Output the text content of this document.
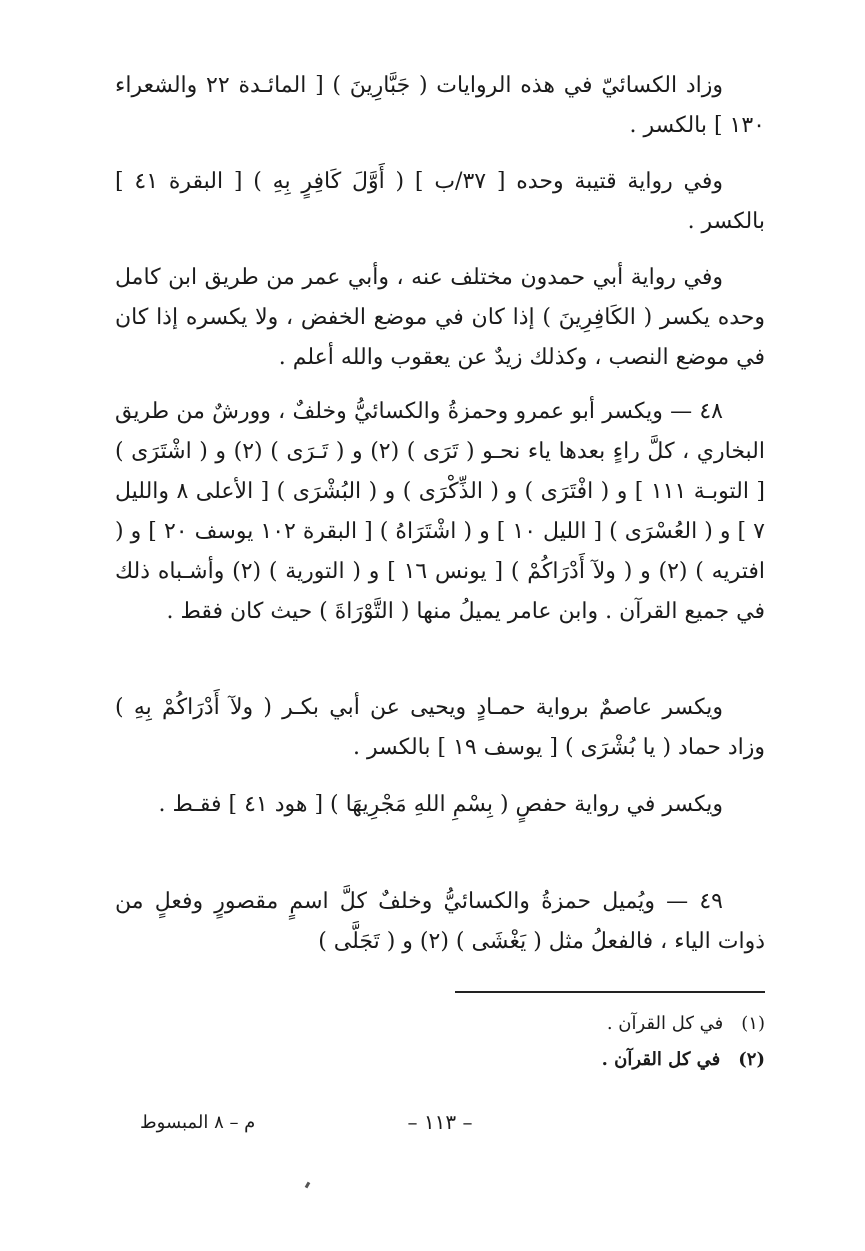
وزاد الكسائيّ في هذه الروايات ( جَبَّارِينَ ) [ المائـدة ٢٢ والشعراء ١٣٠ ] بالكسر .

وفي رواية قتيبة وحده [ ٣٧/ب ] ( أَوَّلَ كَافِرٍ بِهِ ) [ البقرة ٤١ ] بالكسر .

وفي رواية أبي حمدون مختلف عنه ، وأبي عمر من طريق ابن كامل وحده يكسر ( الكَافِرِينَ ) إذا كان في موضع الخفض ، ولا يكسره إذا كان في موضع النصب ، وكذلك زيدٌ عن يعقوب والله أعلم .

٤٨ — ويكسر أبو عمرو وحمزةُ والكسائيُّ وخلفٌ ، وورشٌ من طريق البخاري ، كلَّ راءٍ بعدها ياء نحـو ( تَرَى ) (٢) و ( تَـرَى ) (٢) و ( اشْتَرَى ) [ التوبـة ١١١ ] و ( افْتَرَى ) و ( الذِّكْرَى ) و ( البُشْرَى ) [ الأعلى ٨ والليل ٧ ] و ( العُسْرَى ) [ الليل ١٠ ] و ( اشْتَرَاهُ ) [ البقرة ١٠٢ يوسف ٢٠ ] و ( افتريه ) (٢) و ( ولآ أَدْرَاكُمْ ) [ يونس ١٦ ] و ( التورية ) (٢) وأشـباه ذلك في جميع القرآن . وابن عامر يميلُ منها ( التَّوْرَاةَ ) حيث كان فقط .

ويكسر عاصمٌ برواية حمـادٍ ويحيى عن أبي بكـر ( ولآ أَدْرَاكُمْ بِهِ ) وزاد حماد ( يا بُشْرَى ) [ يوسف ١٩ ] بالكسر .

ويكسر في رواية حفصٍ ( بِسْمِ اللهِ مَجْرِيهَا ) [ هود ٤١ ] فقـط .

٤٩ — ويُميل حمزةُ والكسائيُّ وخلفٌ كلَّ اسمٍ مقصورٍ وفعلٍ من ذوات الياء ، فالفعلُ مثل ( يَغْشَى ) (٢) و ( تَجَلَّى )

(١)في كل القرآن .
(٢)في كل القرآن .
– ١١٣ –
م – ٨ المبسوط
